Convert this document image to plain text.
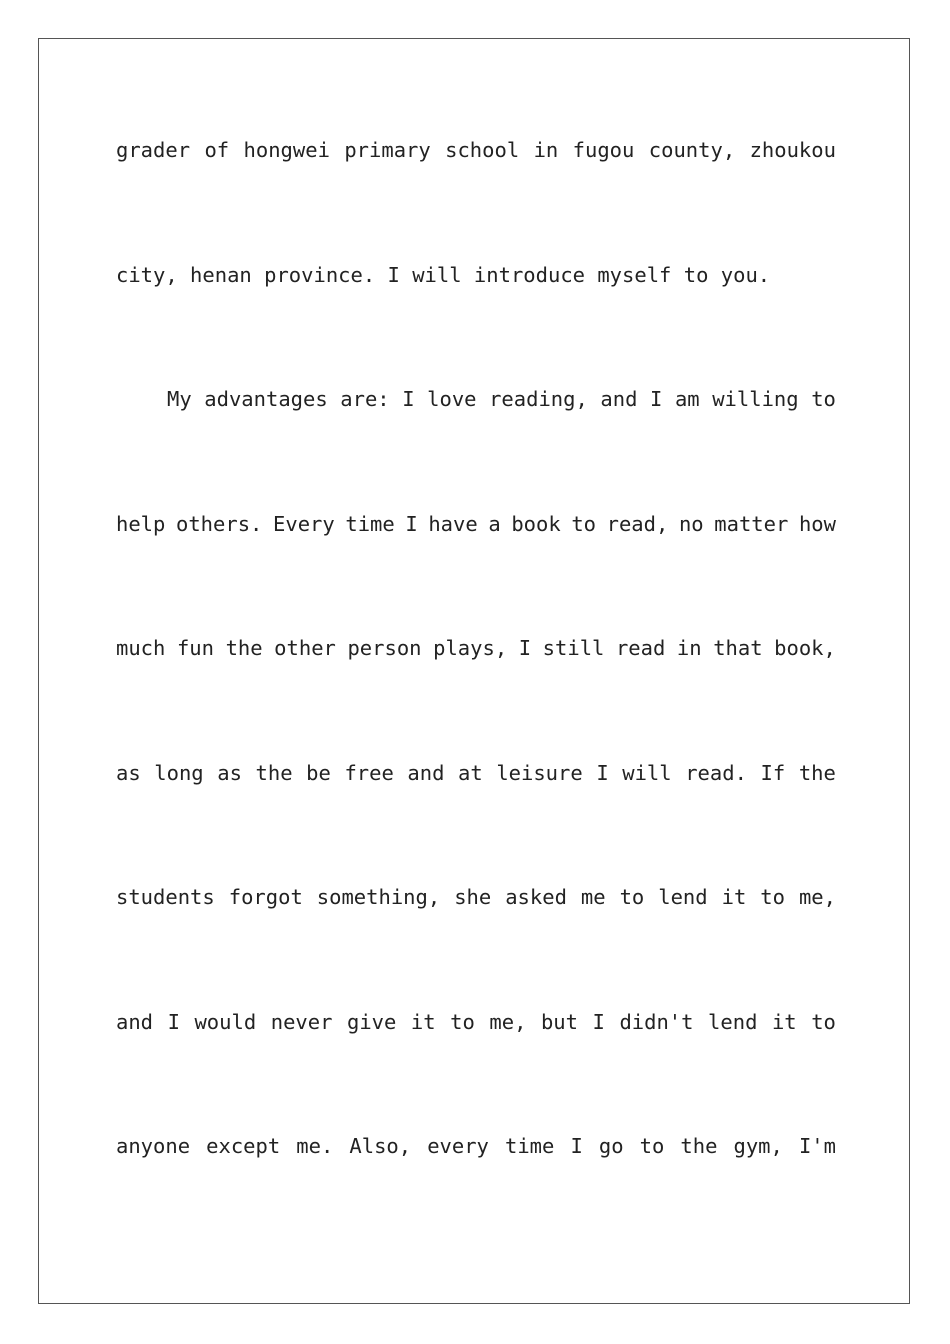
grader of hongwei primary school in fugou county, zhoukou
city, henan province. I will introduce myself to you.
My advantages are: I love reading, and I am willing to
help others. Every time I have a book to read, no matter how
much fun the other person plays, I still read in that book,
as long as the be free and at leisure I will read. If the
students forgot something, she asked me to lend it to me,
and I would never give it to me, but I didn't lend it to
anyone except me. Also, every time I go to the gym, I'm
